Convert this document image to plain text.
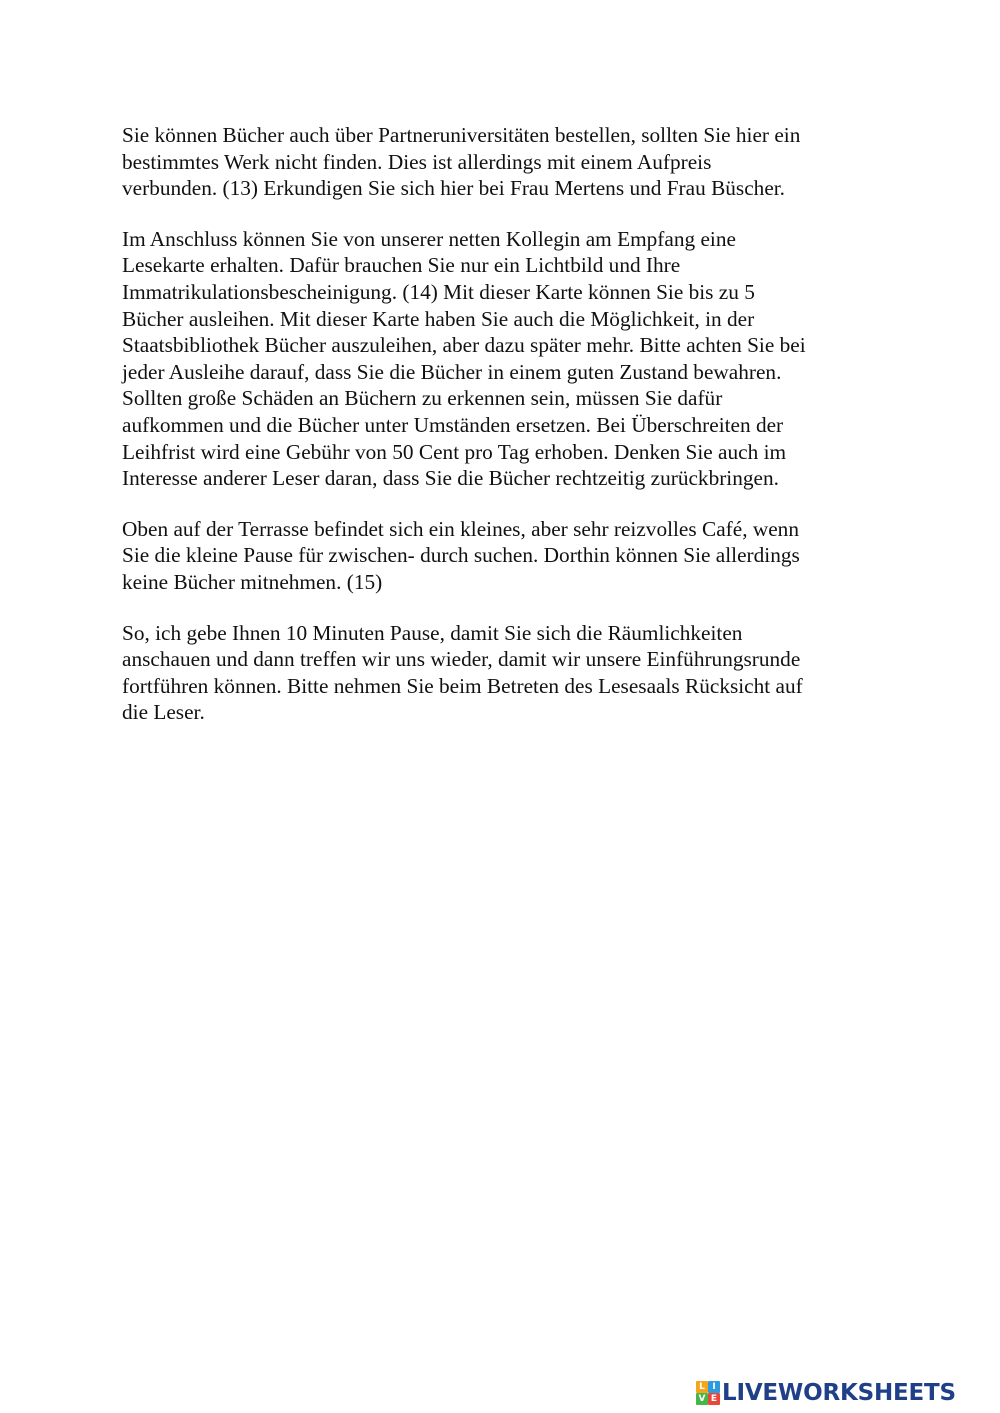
Sie können Bücher auch über Partneruniversitäten bestellen, sollten Sie hier ein
bestimmtes Werk nicht finden. Dies ist allerdings mit einem Aufpreis
verbunden. (13) Erkundigen Sie sich hier bei Frau Mertens und Frau Büscher.

Im Anschluss können Sie von unserer netten Kollegin am Empfang eine
Lesekarte erhalten. Dafür brauchen Sie nur ein Lichtbild und Ihre
Immatrikulationsbescheinigung. (14) Mit dieser Karte können Sie bis zu 5
Bücher ausleihen. Mit dieser Karte haben Sie auch die Möglichkeit, in der
Staatsbibliothek Bücher auszuleihen, aber dazu später mehr. Bitte achten Sie bei
jeder Ausleihe darauf, dass Sie die Bücher in einem guten Zustand bewahren.
Sollten große Schäden an Büchern zu erkennen sein, müssen Sie dafür
aufkommen und die Bücher unter Umständen ersetzen. Bei Überschreiten der
Leihfrist wird eine Gebühr von 50 Cent pro Tag erhoben. Denken Sie auch im
Interesse anderer Leser daran, dass Sie die Bücher rechtzeitig zurückbringen.

Oben auf der Terrasse befindet sich ein kleines, aber sehr reizvolles Café, wenn
Sie die kleine Pause für zwischen- durch suchen. Dorthin können Sie allerdings
keine Bücher mitnehmen. (15)

So, ich gebe Ihnen 10 Minuten Pause, damit Sie sich die Räumlichkeiten
anschauen und dann treffen wir uns wieder, damit wir unsere Einführungsrunde
fortführen können. Bitte nehmen Sie beim Betreten des Lesesaals Rücksicht auf
die Leser.

L I
V E LIVEWORKSHEETS
